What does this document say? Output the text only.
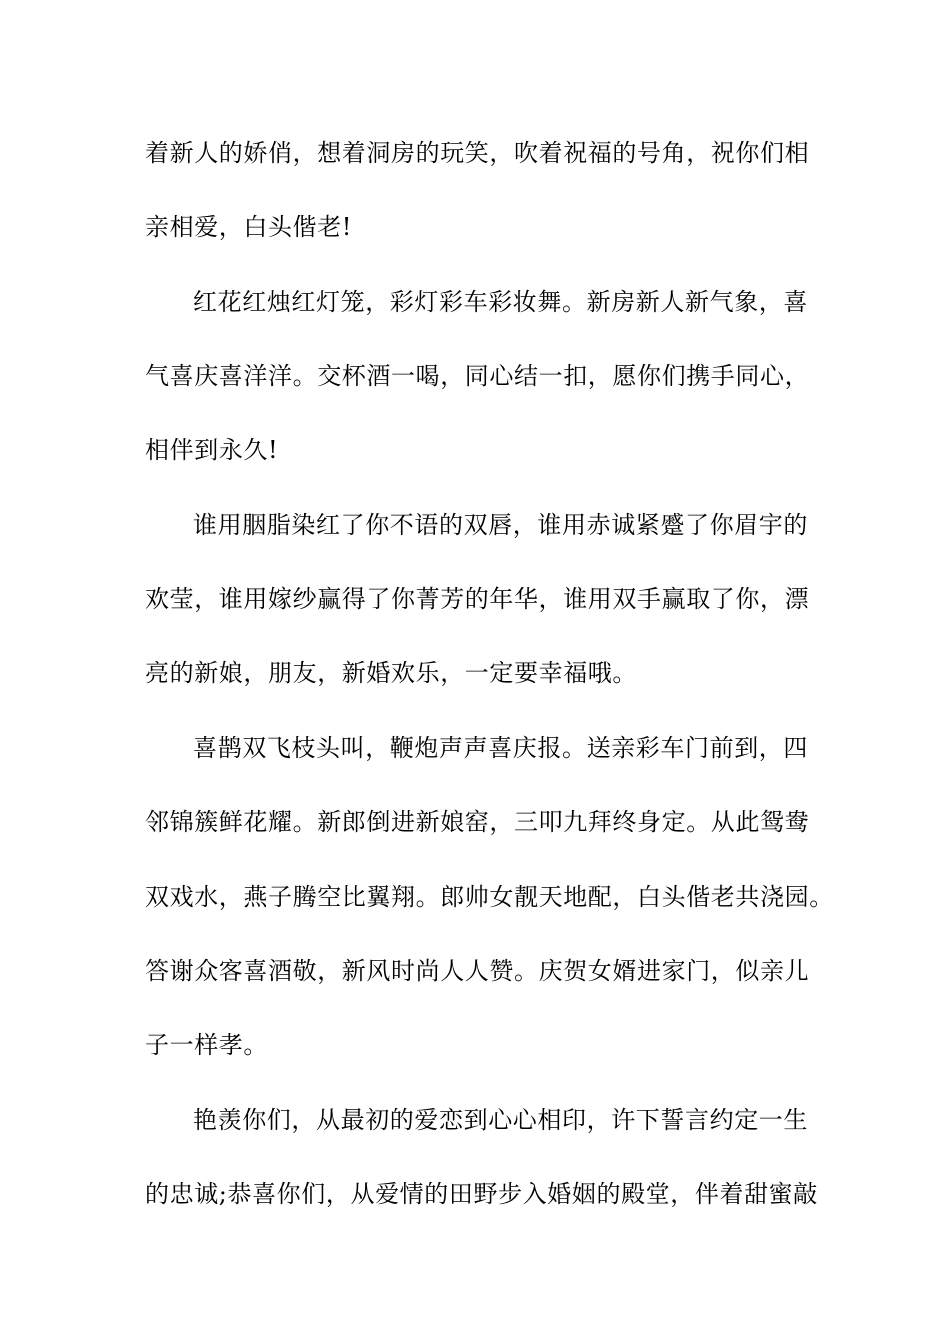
着新人的娇俏，想着洞房的玩笑，吹着祝福的号角，祝你们相
亲相爱，白头偕老!
红花红烛红灯笼，彩灯彩车彩妆舞。新房新人新气象，喜
气喜庆喜洋洋。交杯酒一喝，同心结一扣，愿你们携手同心，
相伴到永久!
谁用胭脂染红了你不语的双唇，谁用赤诚紧蹙了你眉宇的
欢莹，谁用嫁纱赢得了你菁芳的年华，谁用双手赢取了你，漂
亮的新娘，朋友，新婚欢乐，一定要幸福哦。
喜鹊双飞枝头叫，鞭炮声声喜庆报。送亲彩车门前到，四
邻锦簇鲜花耀。新郎倒进新娘窑，三叩九拜终身定。从此鸳鸯
双戏水，燕子腾空比翼翔。郎帅女靓天地配，白头偕老共浇园。
答谢众客喜酒敬，新风时尚人人赞。庆贺女婿进家门，似亲儿
子一样孝。
艳羡你们，从最初的爱恋到心心相印，许下誓言约定一生
的忠诚;恭喜你们，从爱情的田野步入婚姻的殿堂，伴着甜蜜敲
